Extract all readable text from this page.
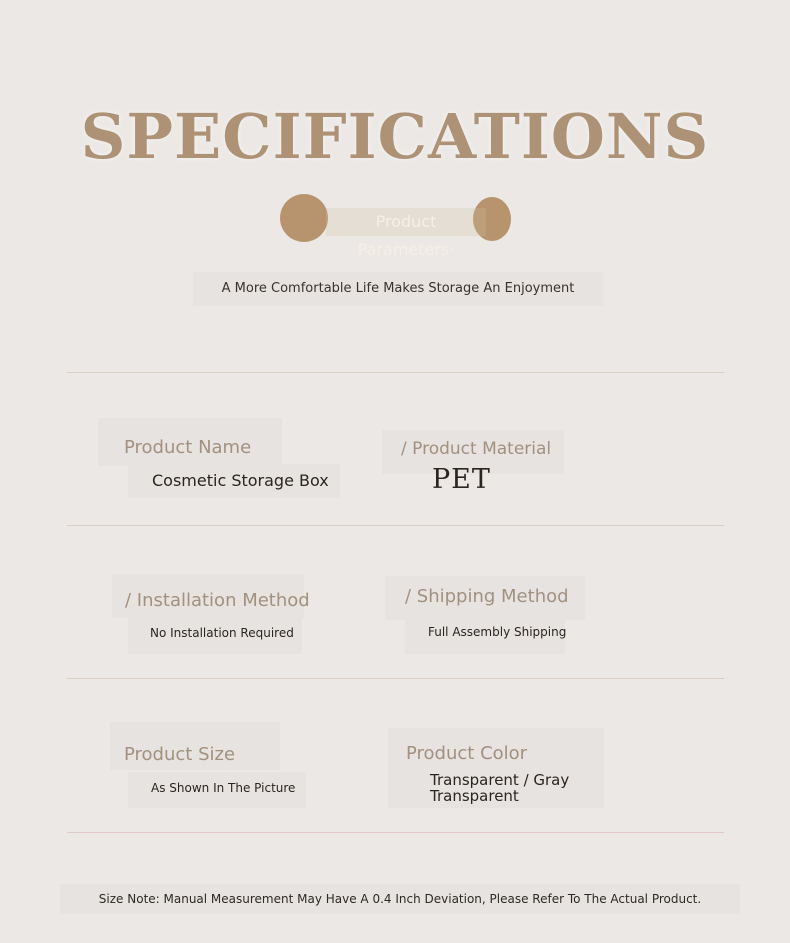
SPECIFICATIONS
Product Parameters·
A More Comfortable Life Makes Storage An Enjoyment
Product Name
Cosmetic Storage Box
/ Product Material
PET
/ Installation Method
No Installation Required
/ Shipping Method
Full Assembly Shipping
Product Size
As Shown In The Picture
Product Color
Transparent / Gray
Transparent
Size Note: Manual Measurement May Have A 0.4 Inch Deviation, Please Refer To The Actual Product.
